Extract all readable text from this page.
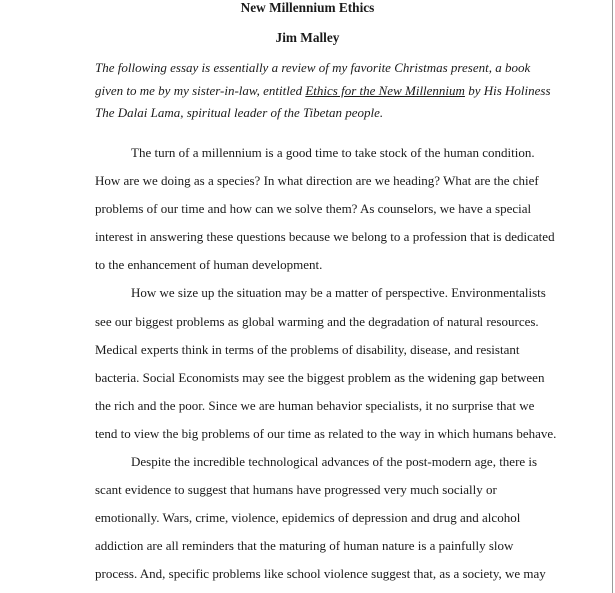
New Millennium Ethics
Jim Malley

The following essay is essentially a review of my favorite Christmas present, a book
given to me by my sister-in-law, entitled Ethics for the New Millennium by His Holiness
The Dalai Lama, spiritual leader of the Tibetan people.

The turn of a millennium is a good time to take stock of the human condition.
How are we doing as a species? In what direction are we heading? What are the chief
problems of our time and how can we solve them? As counselors, we have a special
interest in answering these questions because we belong to a profession that is dedicated
to the enhancement of human development.

How we size up the situation may be a matter of perspective. Environmentalists
see our biggest problems as global warming and the degradation of natural resources.
Medical experts think in terms of the problems of disability, disease, and resistant
bacteria. Social Economists may see the biggest problem as the widening gap between
the rich and the poor. Since we are human behavior specialists, it no surprise that we
tend to view the big problems of our time as related to the way in which humans behave.

Despite the incredible technological advances of the post-modern age, there is
scant evidence to suggest that humans have progressed very much socially or
emotionally. Wars, crime, violence, epidemics of depression and drug and alcohol
addiction are all reminders that the maturing of human nature is a painfully slow
process. And, specific problems like school violence suggest that, as a society, we may
